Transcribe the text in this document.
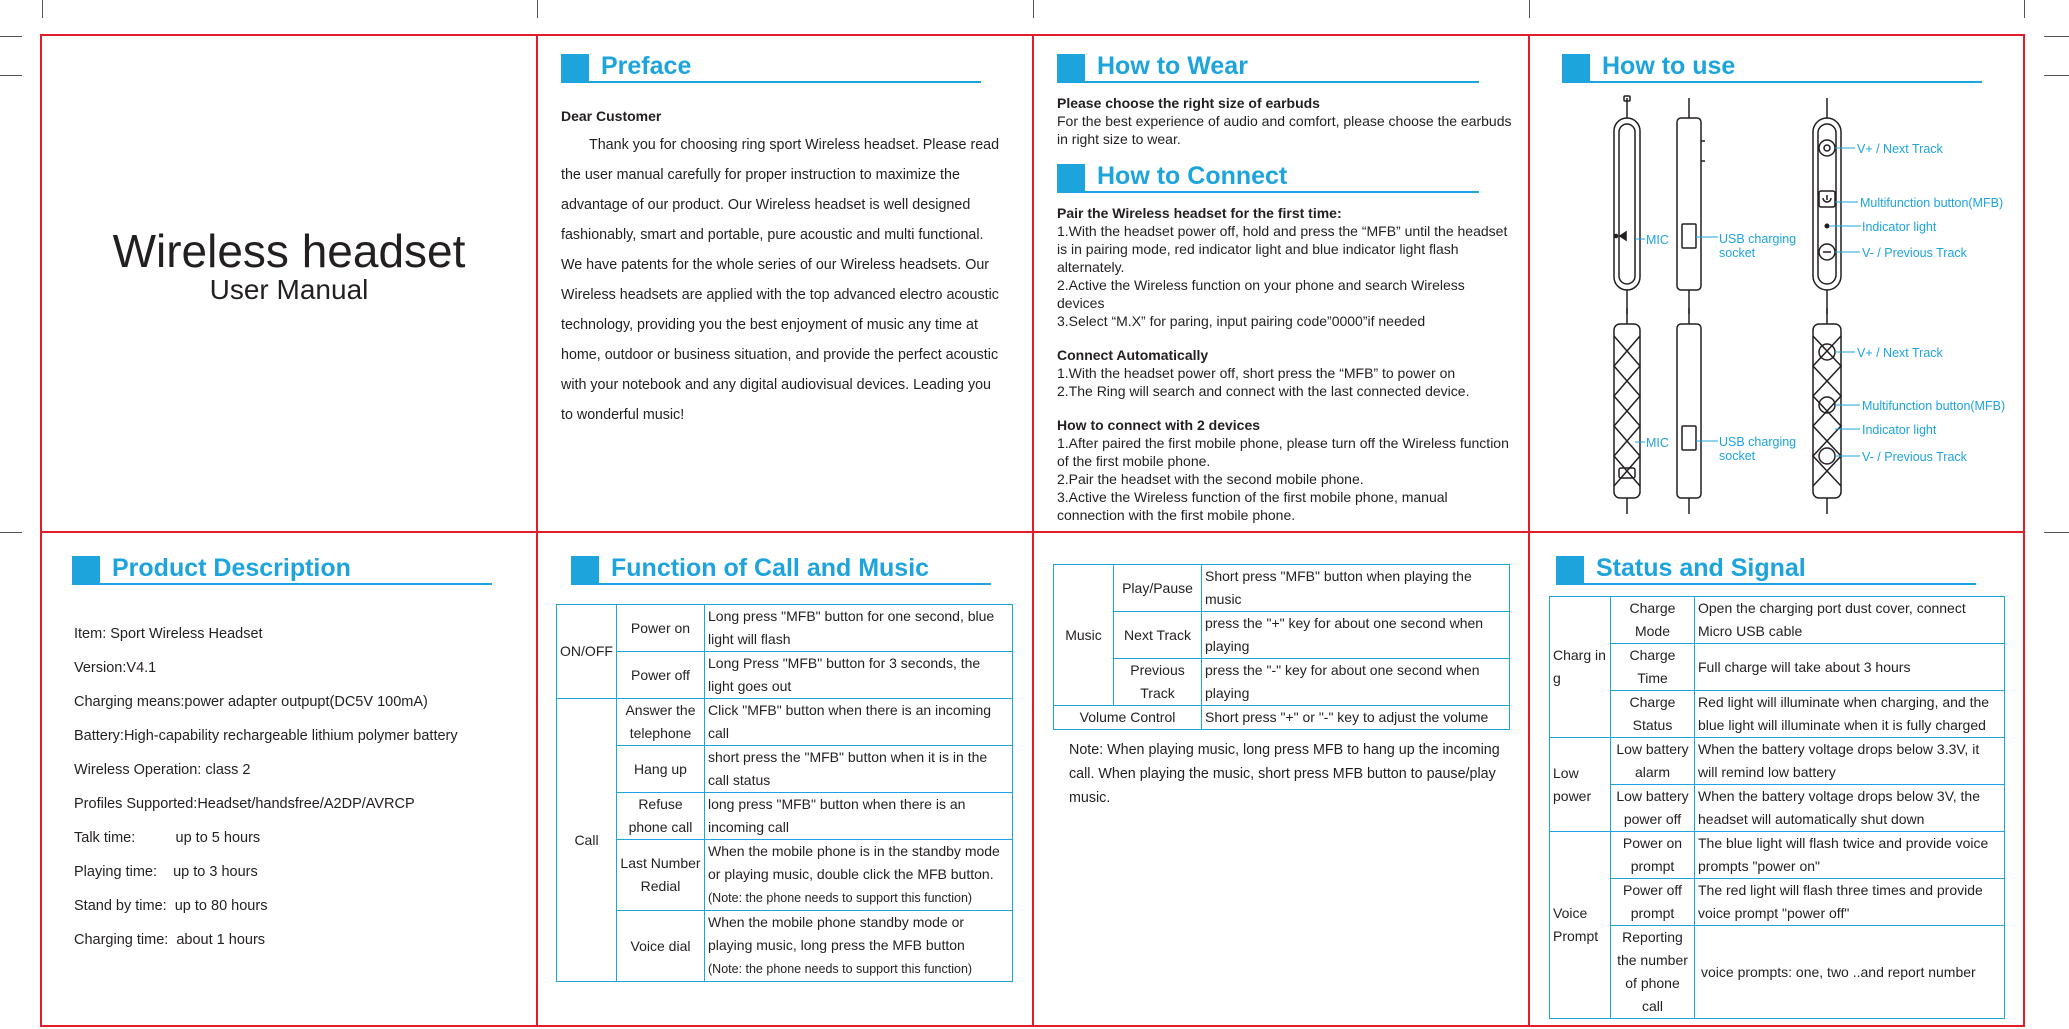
Wireless headset
User Manual
Preface
Dear Customer

Thank you for choosing ring sport Wireless headset. Please read the user manual carefully for proper instruction to maximize the advantage of our product. Our Wireless headset is well designed fashionably, smart and portable, pure acoustic and multi functional. We have patents for the whole series of our Wireless headsets. Our Wireless headsets are applied with the top advanced electro acoustic technology, providing you the best enjoyment of music any time at home, outdoor or business situation, and provide the perfect acoustic with your notebook and any digital audiovisual devices. Leading you to wonderful music!

How to Wear

Please choose the right size of earbuds

For the best experience of audio and comfort, please choose the earbuds in right size to wear.

How to Connect

Pair the Wireless headset for the first time:

1.With the headset power off, hold and press the “MFB” until the headset is in pairing mode, red indicator light and blue indicator light flash alternately.

2.Active the Wireless function on your phone and search Wireless devices

3.Select “M.X” for paring, input pairing code”0000”if needed

Connect Automatically

1.With the headset power off, short press the “MFB” to power on

2.The Ring will search and connect with the last connected device.

How to connect with 2 devices

1.After paired the first mobile phone, please turn off the Wireless function of the first mobile phone.

2.Pair the headset with the second mobile phone.

3.Active the Wireless function of the first mobile phone, manual connection with the first mobile phone.

How to use
MIC	USB charging
socket
V+ / Next Track
Multifunction button(MFB)
Indicator light
V- / Previous Track
MIC	USB charging
socket
V+ / Next Track
Multifunction button(MFB)
Indicator light
V- / Previous Track
Product Description
Item: Sport Wireless Headset
Version:V4.1
Charging means:power adapter outpupt(DC5V 100mA)
Battery:High-capability rechargeable lithium polymer battery
Wireless Operation: class 2
Profiles Supported:Headset/handsfree/A2DP/AVRCP
Talk time:          up to 5 hours
Playing time:    up to 3 hours
Stand by time:  up to 80 hours
Charging time:  about 1 hours
Function of Call and Music
ON/OFF	Power on	Long press "MFB" button for one second, blue light will flash
	Power off	Long Press "MFB" button for 3 seconds, the light goes out
Call	Answer the telephone	Click "MFB" button when there is an incoming call
	Hang up	short press the "MFB" button when it is in the call status
	Refuse phone call	long press "MFB" button when there is an incoming call
	Last Number Redial	When the mobile phone is in the standby mode or playing music, double click the MFB button.
(Note: the phone needs to support this function)
	Voice dial	When the mobile phone standby mode or playing music, long press the MFB button
(Note: the phone needs to support this function)
Music	Play/Pause	Short press "MFB" button when playing the music
	Next Track	press the "+" key for about one second when playing
	Previous Track	press the "-" key for about one second when playing
Volume Control		Short press "+" or "-" key to adjust the volume

Note: When playing music, long press MFB to hang up the incoming call. When playing the music, short press MFB button to pause/play music.

Status and Signal
Charg ing	Charge Mode	Open the charging port dust cover, connect Micro USB cable
	Charge Time	Full charge will take about 3 hours
	Charge Status	Red light will illuminate when charging, and the blue light will illuminate when it is fully charged
Low power	Low battery alarm	When the battery voltage drops below 3.3V, it will remind low battery
	Low battery power off	When the battery voltage drops below 3V, the headset will automatically shut down
Voice Prompt	Power on prompt	The blue light will flash twice and provide voice prompts "power on"
	Power off prompt	The red light will flash three times and provide voice prompt "power off"
	Reporting the number of phone call	voice prompts: one, two ..and report number
